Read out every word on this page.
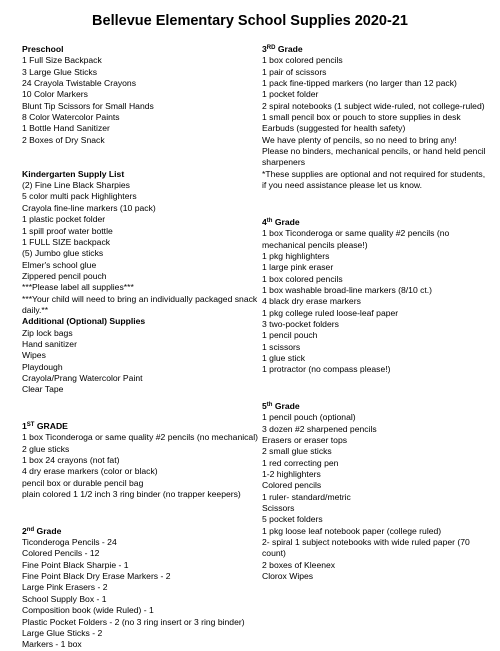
Bellevue Elementary School Supplies 2020-21
Preschool
1 Full Size Backpack
3 Large Glue Sticks
24 Crayola Twistable Crayons
10 Color Markers
Blunt Tip Scissors for Small Hands
8 Color Watercolor Paints
1 Bottle Hand Sanitizer
2 Boxes of Dry Snack
Kindergarten Supply List
(2) Fine Line Black Sharpies
5 color multi pack Highlighters
Crayola fine-line markers (10 pack)
1 plastic pocket folder
1 spill proof water bottle
1 FULL SIZE backpack
(5) Jumbo glue sticks
Elmer's school glue
Zippered pencil pouch
***Please label all supplies***
***Your child will need to bring an individually packaged snack daily.**
Additional (Optional) Supplies
Zip lock bags
Hand sanitizer
Wipes
Playdough
Crayola/Prang Watercolor Paint
Clear Tape
1ST GRADE
1 box Ticonderoga or same quality #2 pencils (no mechanical)
2 glue sticks
1 box 24 crayons (not fat)
4 dry erase markers (color or black)
pencil box or durable pencil bag
plain colored 1 1/2 inch 3 ring binder (no trapper keepers)
2nd Grade
Ticonderoga Pencils - 24
Colored Pencils - 12
Fine Point Black Sharpie - 1
Fine Point Black Dry Erase Markers - 2
Large Pink Erasers - 2
School Supply Box - 1
Composition book (wide Ruled) - 1
Plastic Pocket Folders - 2 (no 3 ring insert or 3 ring binder)
Large Glue Sticks - 2
Markers - 1 box
3RD Grade
1 box colored pencils
1 pair of scissors
1 pack fine-tipped markers (no larger than 12 pack)
1 pocket folder
2 spiral notebooks (1 subject wide-ruled, not college-ruled)
1 small pencil box or pouch to store supplies in desk
Earbuds (suggested for health safety)
We have plenty of pencils, so no need to bring any!
Please no binders, mechanical pencils, or hand held pencil sharpeners
*These supplies are optional and not required for students, if you need assistance please let us know.
4th Grade
1 box Ticonderoga or same quality #2 pencils (no mechanical pencils please!)
1 pkg highlighters
1 large pink eraser
1 box colored pencils
1 box washable broad-line markers (8/10 ct.)
4 black dry erase markers
1 pkg college ruled loose-leaf paper
3 two-pocket folders
1 pencil pouch
1 scissors
1 glue stick
1 protractor (no compass please!)
5th Grade
1 pencil pouch (optional)
3 dozen #2 sharpened pencils
Erasers or eraser tops
2 small glue sticks
1 red correcting pen
1-2 highlighters
Colored pencils
1 ruler- standard/metric
Scissors
5 pocket folders
1 pkg loose leaf notebook paper (college ruled)
2- spiral 1 subject notebooks with wide ruled paper (70 count)
2 boxes of Kleenex
Clorox Wipes
